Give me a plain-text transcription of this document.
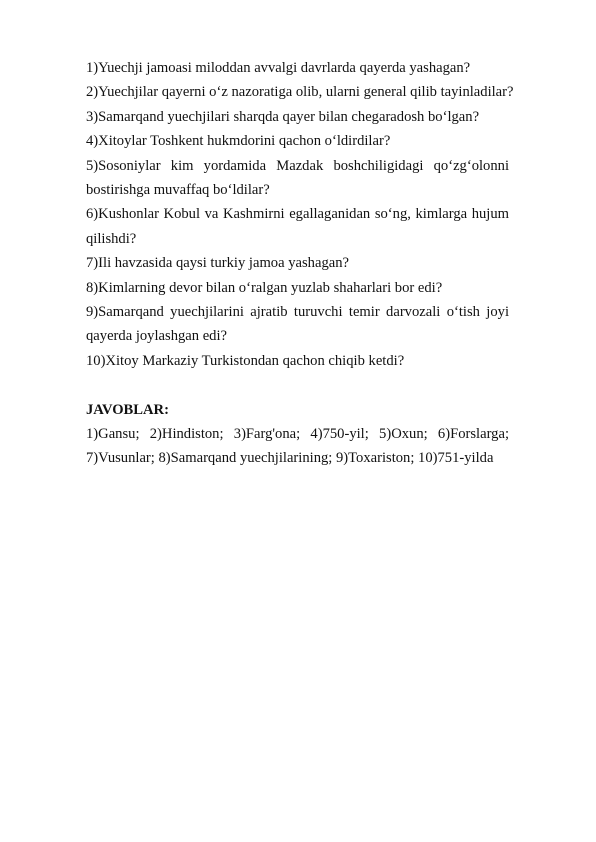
1)Yuechji jamoasi miloddan avvalgi davrlarda qayerda yashagan?

2)Yuechjilar qayerni o‘z nazoratiga olib, ularni general qilib tayinladilar?

3)Samarqand yuechjilari sharqda qayer bilan chegaradosh bo‘lgan?

4)Xitoylar Toshkent hukmdorini qachon o‘ldirdilar?

5)Sosoniylar kim yordamida Mazdak boshchiligidagi qo‘zg‘olonni bostirishga muvaffaq bo‘ldilar?

6)Kushonlar Kobul va Kashmirni egallaganidan so‘ng, kimlarga hujum qilishdi?

7)Ili havzasida qaysi turkiy jamoa yashagan?

8)Kimlarning devor bilan o‘ralgan yuzlab shaharlari bor edi?

9)Samarqand yuechjilarini ajratib turuvchi temir darvozali o‘tish joyi qayerda joylashgan edi?

10)Xitoy Markaziy Turkistondan qachon chiqib ketdi?

JAVOBLAR:

1)Gansu; 2)Hindiston; 3)Farg'ona; 4)750-yil; 5)Oxun; 6)Forslarga; 7)Vusunlar; 8)Samarqand yuechjilarining; 9)Toxariston; 10)751-yilda
